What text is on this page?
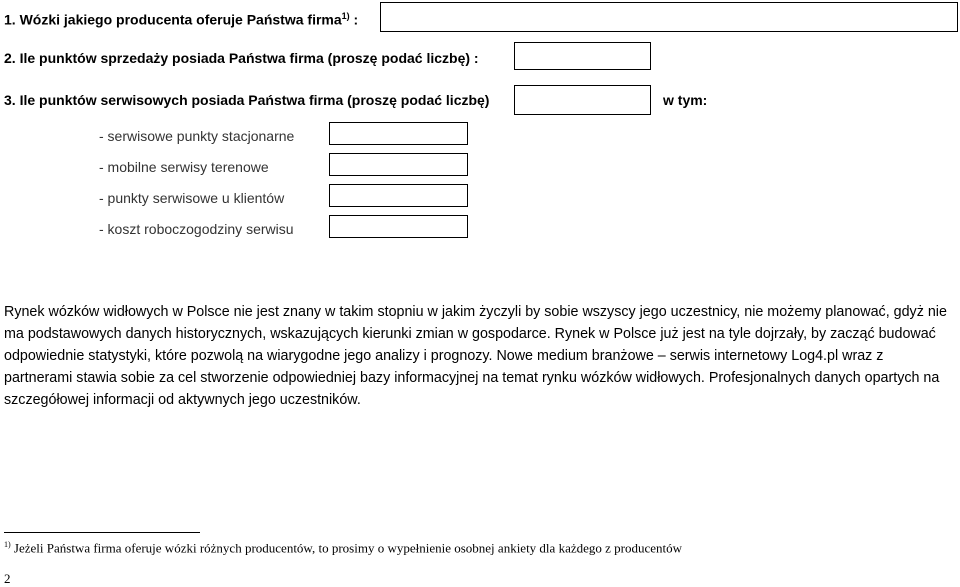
1. Wózki jakiego producenta oferuje Państwa firma$^{1)}$ :
2. Ile punktów sprzedaży posiada Państwa firma (proszę podać liczbę) :
3. Ile punktów serwisowych posiada Państwa firma (proszę podać liczbę)	w tym:
- serwisowe punkty stacjonarne
- mobilne serwisy terenowe
- punkty serwisowe u klientów
- koszt roboczogodziny serwisu
Rynek wózków widłowych w Polsce nie jest znany w takim stopniu w jakim życzyli by sobie wszyscy jego uczestnicy, nie możemy planować, gdyż nie ma podstawowych danych historycznych, wskazujących kierunki zmian w gospodarce. Rynek w Polsce już jest na tyle dojrzały, by zacząć budować odpowiednie statystyki, które pozwolą na wiarygodne jego analizy i prognozy. Nowe medium branżowe – serwis internetowy Log4.pl wraz z partnerami stawia sobie za cel stworzenie odpowiedniej bazy informacyjnej na temat rynku wózków widłowych. Profesjonalnych danych opartych na szczegółowej informacji od aktywnych jego uczestników.
$^{1)}$ Jeżeli Państwa firma oferuje wózki różnych producentów, to prosimy o wypełnienie osobnej ankiety dla każdego z producentów
2
